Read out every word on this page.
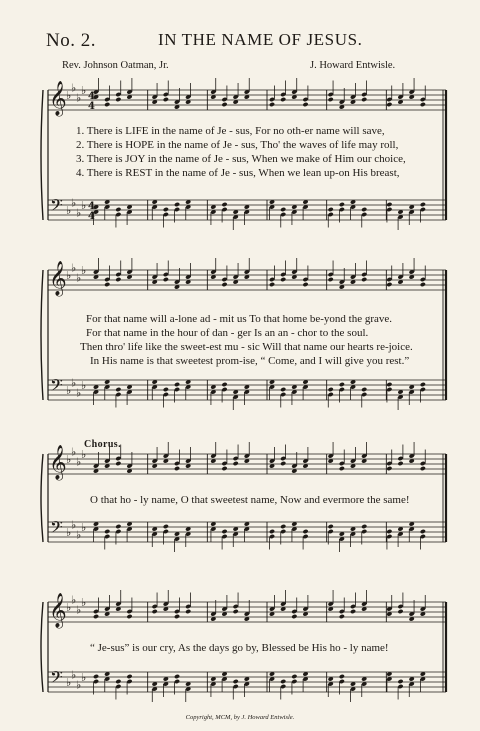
No. 2.	IN THE NAME OF JESUS.
Rev. Johnson Oatman, Jr.	J. Howard Entwisle.
𝄞
𝄢
♭
♭
♭
♭
♭
♭
♭
♭
4
4
4
4
𝄞
𝄢
♭
♭
♭
♭
♭
♭
♭
♭
𝄞
𝄢
♭
♭
♭
♭
♭
♭
♭
♭
𝄞
𝄢
♭
♭
♭
♭
♭
♭
♭
♭
1. There is LIFE in the name of Je - sus, For no oth-er name will save,
2. There is HOPE in the name of Je - sus, Tho' the waves of life may roll,
3. There is JOY in the name of Je - sus, When we make of Him our choice,
4. There is REST in the name of Je - sus, When we lean up-on His breast,
For that name will a-lone ad - mit us To that home be-yond the grave.
For that name in the hour of dan - ger Is an an - chor to the soul.
Then thro' life like the sweet-est mu - sic Will that name our hearts re-joice.
In His name is that sweetest prom-ise, “ Come, and I will give you rest.”
Chorus.
O that ho - ly name, O that sweetest name, Now and evermore the same!
“ Je-sus” is our cry, As the days go by, Blessed be His ho - ly name!
Copyright, MCM, by J. Howard Entwisle.
